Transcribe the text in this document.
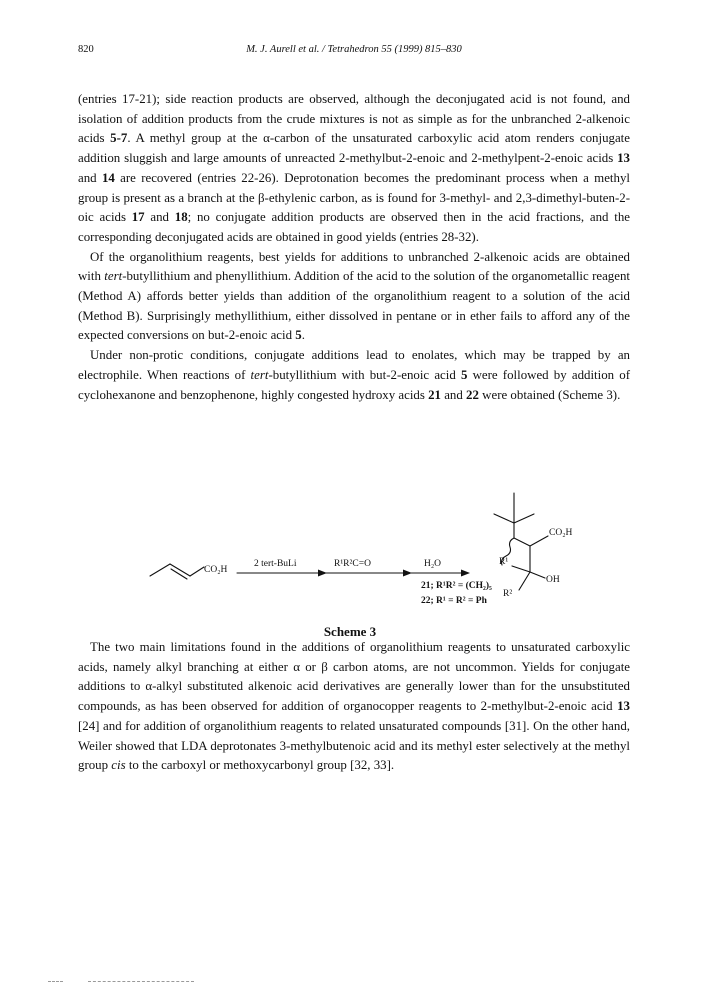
820	M. J. Aurell et al. / Tetrahedron 55 (1999) 815–830

(entries 17-21); side reaction products are observed, although the deconjugated acid is not found, and isolation of addition products from the crude mixtures is not as simple as for the unbranched 2-alkenoic acids 5-7. A methyl group at the α-carbon of the unsaturated carboxylic acid atom renders conjugate addition sluggish and large amounts of unreacted 2-methylbut-2-enoic and 2-methylpent-2-enoic acids 13 and 14 are recovered (entries 22-26). Deprotonation becomes the predominant process when a methyl group is present as a branch at the β-ethylenic carbon, as is found for 3-methyl- and 2,3-dimethyl-buten-2-oic acids 17 and 18; no conjugate addition products are observed then in the acid fractions, and the corresponding deconjugated acids are obtained in good yields (entries 28-32).

Of the organolithium reagents, best yields for additions to unbranched 2-alkenoic acids are obtained with tert-butyllithium and phenyllithium. Addition of the acid to the solution of the organometallic reagent (Method A) affords better yields than addition of the organolithium reagent to a solution of the acid (Method B). Surprisingly methyllithium, either dissolved in pentane or in ether fails to afford any of the expected conversions on but-2-enoic acid 5.

Under non-protic conditions, conjugate additions lead to enolates, which may be trapped by an electrophile. When reactions of tert-butyllithium with but-2-enoic acid 5 were followed by addition of cyclohexanone and benzophenone, highly congested hydroxy acids 21 and 22 were obtained (Scheme 3).

CO₂H
2 tert-BuLi	R¹R²C=O	H₂O
CO₂H
OH
R¹
R²
21; R¹R² = (CH₂)₅
22; R¹ = R² = Ph
Scheme 3

The two main limitations found in the additions of organolithium reagents to unsaturated carboxylic acids, namely alkyl branching at either α or β carbon atoms, are not uncommon. Yields for conjugate additions to α-alkyl substituted alkenoic acid derivatives are generally lower than for the unsubstituted compounds, as has been observed for addition of organocopper reagents to 2-methylbut-2-enoic acid 13 [24] and for addition of organolithium reagents to related unsaturated compounds [31]. On the other hand, Weiler showed that LDA deprotonates 3-methylbutenoic acid and its methyl ester selectively at the methyl group cis to the carboxyl or methoxycarbonyl group [32, 33].
